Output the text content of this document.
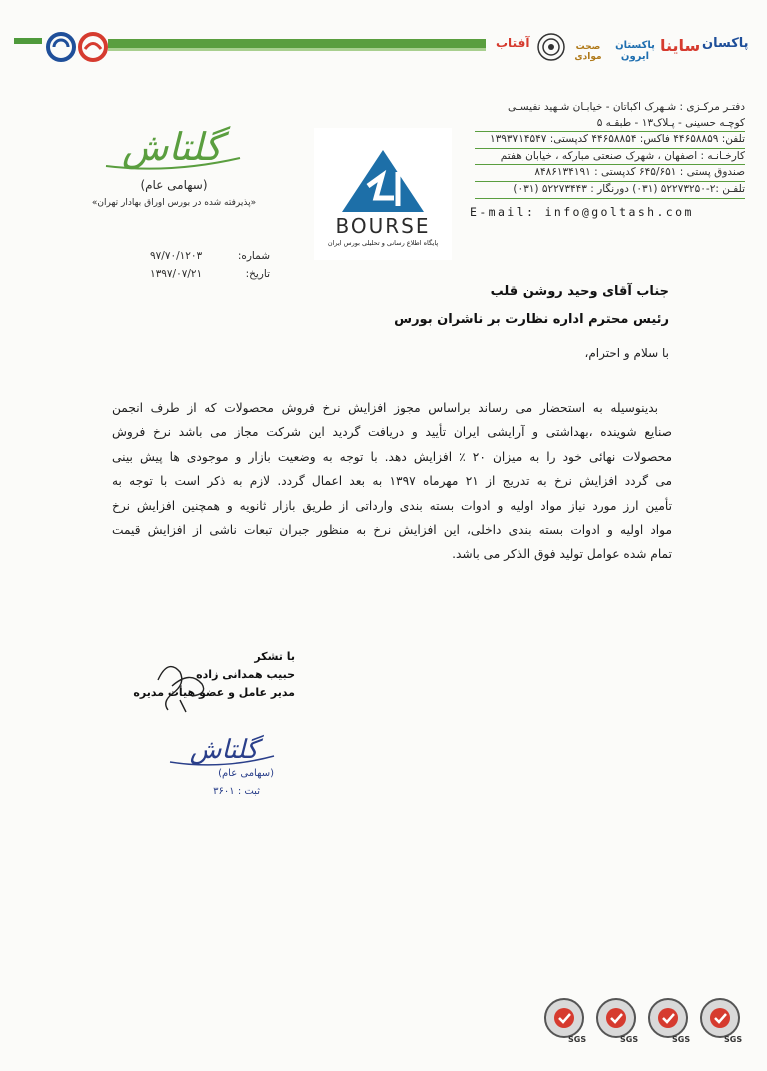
پاکسان
ساینا
پاکستان ایرون
صحت موادی
آفتاب
دفتـر مرکـزی : شـهرک اکباتان - خیابـان شـهید نفیسـی
کوچـه حسینی - پـلاک۱۳ - طبقـه ۵
تلفن: ۴۴۶۵۸۸۵۹ فاکس: ۴۴۶۵۸۸۵۴ کدپستی: ۱۳۹۳۷۱۴۵۴۷
کارخـانـه : اصفهان ، شهرک صنعتی مبارکه ، خیابان هفتم
صندوق پستی : ۶۴۵/۶۵۱ کدپستی : ۸۴۸۶۱۳۴۱۹۱
تلفـن :۲-۵۲۲۷۳۲۵۰ (۰۳۱) دورنگار : ۵۲۲۷۳۴۴۳ (۰۳۱)
E-mail: info@goltash.com
BOURSE
پایگاه اطلاع رسانی و تحلیلی بورس ایران
گلتاش
(سهامی عام)
«پذیرفته شده در بورس اوراق بهادار تهران»
شماره:
۹۷/۷۰/۱۲۰۳
تاریخ:
۱۳۹۷/۰۷/۲۱
جناب آقای وحید روشن قلب
رئیس محترم اداره نظارت بر ناشران بورس
با سلام و احترام،
بدینوسیله به استحضار می رساند براساس مجوز افزایش نرخ فروش محصولات که از طرف انجمن
صنایع شوینده ،بهداشتی و آرایشی ایران تأیید و دریافت گردید این شرکت مجاز می باشد نرخ فروش
محصولات نهائی خود را به میزان ۲۰ ٪ افزایش دهد. با توجه به وضعیت بازار و موجودی ها پیش بینی
می گردد افزایش نرخ به تدریج از ۲۱ مهرماه ۱۳۹۷ به بعد اعمال گردد. لازم به ذکر است با توجه به
تأمین ارز مورد نیاز مواد اولیه و ادوات بسته بندی وارداتی از طریق بازار ثانویه و همچنین افزایش نرخ
مواد اولیه و ادوات بسته بندی داخلی، این افزایش نرخ به منظور جبران تبعات ناشی از افزایش قیمت
تمام شده عوامل تولید فوق الذکر می باشد.
با تشکر
حبیب همدانی زاده
مدیر عامل و عضو هیأت مدیره
گلتاش
(سهامی عام)
ثبت : ۳۶۰۱
SGS	SGS	SGS	SGS
